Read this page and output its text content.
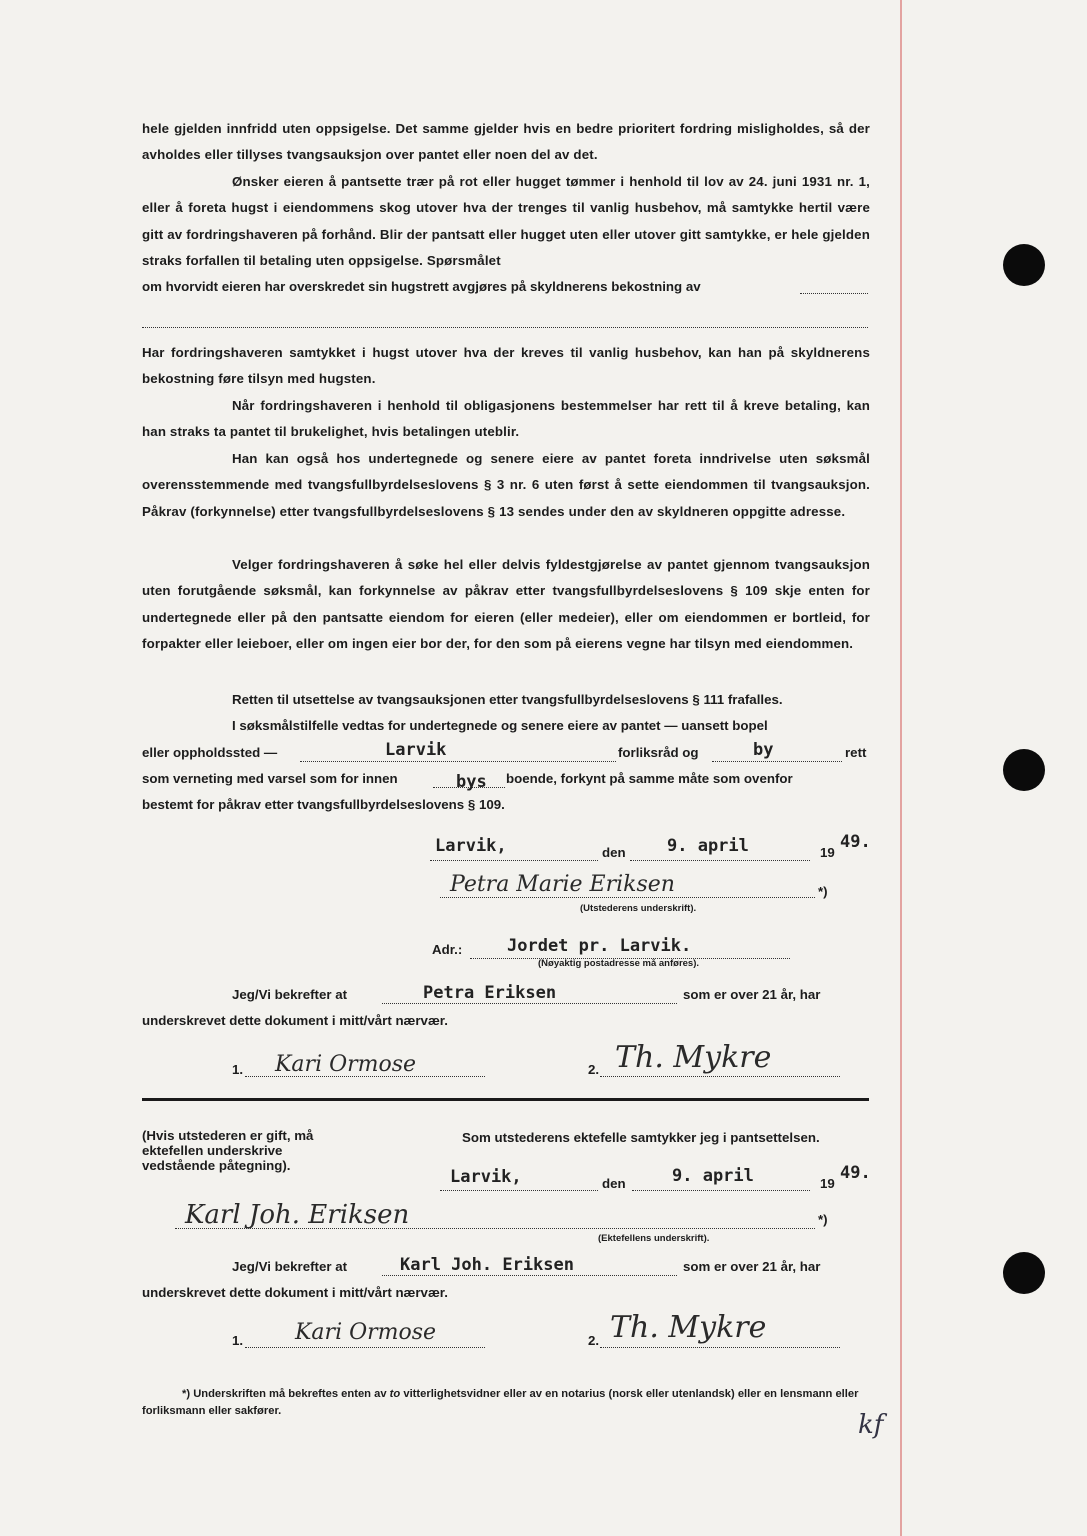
hele gjelden innfridd uten oppsigelse. Det samme gjelder hvis en bedre prioritert fordring misligholdes, så der avholdes eller tillyses tvangsauksjon over pantet eller noen del av det.

Ønsker eieren å pantsette trær på rot eller hugget tømmer i henhold til lov av 24. juni 1931 nr. 1, eller å foreta hugst i eiendommens skog utover hva der trenges til vanlig husbehov, må samtykke hertil være gitt av fordringshaveren på forhånd. Blir der pantsatt eller hugget uten eller utover gitt samtykke, er hele gjelden straks forfallen til betaling uten oppsigelse. Spørsmålet

om hvorvidt eieren har overskredet sin hugstrett avgjøres på skyldnerens bekostning av

Har fordringshaveren samtykket i hugst utover hva der kreves til vanlig husbehov, kan han på skyldnerens bekostning føre tilsyn med hugsten.

Når fordringshaveren i henhold til obligasjonens bestemmelser har rett til å kreve betaling, kan han straks ta pantet til brukelighet, hvis betalingen uteblir.

Han kan også hos undertegnede og senere eiere av pantet foreta inndrivelse uten søksmål overensstemmende med tvangsfullbyrdelseslovens § 3 nr. 6 uten først å sette eiendommen til tvangsauksjon. Påkrav (forkynnelse) etter tvangsfullbyrdelseslovens § 13 sendes under den av skyldneren oppgitte adresse.

Velger fordringshaveren å søke hel eller delvis fyldestgjørelse av pantet gjennom tvangsauksjon uten forutgående søksmål, kan forkynnelse av påkrav etter tvangsfullbyrdelseslovens § 109 skje enten for undertegnede eller på den pantsatte eiendom for eieren (eller medeier), eller om eiendommen er bortleid, for forpakter eller leieboer, eller om ingen eier bor der, for den som på eierens vegne har tilsyn med eiendommen.

Retten til utsettelse av tvangsauksjonen etter tvangsfullbyrdelseslovens § 111 frafalles.
I søksmålstilfelle vedtas for undertegnede og senere eiere av pantet — uansett bopel
eller oppholdssted —	Larvik	forliksråd og	by	rett
som verneting med varsel som for innen	bys boende, forkynt på samme måte som ovenfor
bestemt for påkrav etter tvangsfullbyrdelseslovens § 109.
Larvik,	den 9. april	19
49.
Petra Marie Eriksen	*)
(Utstederens underskrift).
Adr.:	Jordet pr. Larvik.
(Nøyaktig postadresse må anføres).
Jeg/Vi bekrefter at	Petra Eriksen	som er over 21 år, har
underskrevet dette dokument i mitt/vårt nærvær.
1. Kari Ormose	2. Th. Mykre
(Hvis utstederen er gift, må ektefellen underskrive vedstående påtegning).
Som utstederens ektefelle samtykker jeg i pantsettelsen.
Larvik,	den	9. april	19
49.
Karl Joh. Eriksen	*)
(Ektefellens underskrift).
Jeg/Vi bekrefter at	Karl Joh. Eriksen	som er over 21 år, har
underskrevet dette dokument i mitt/vårt nærvær.
1. Kari Ormose	2. Th. Mykre

*) Underskriften må bekreftes enten av to vitterlighetsvidner eller av en notarius (norsk eller utenlandsk) eller en lensmann eller forliksmann eller sakfører.	kf
